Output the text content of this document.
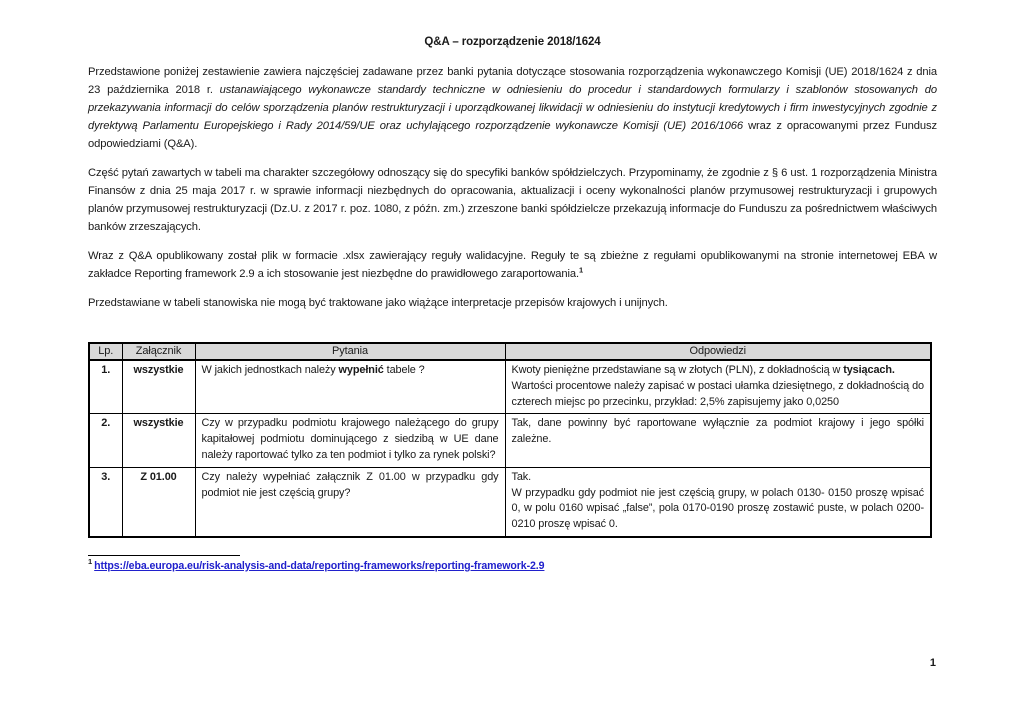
Q&A – rozporządzenie 2018/1624

Przedstawione poniżej zestawienie zawiera najczęściej zadawane przez banki pytania dotyczące stosowania rozporządzenia wykonawczego Komisji (UE) 2018/1624 z dnia 23 października 2018 r. ustanawiającego wykonawcze standardy techniczne w odniesieniu do procedur i standardowych formularzy i szablonów stosowanych do przekazywania informacji do celów sporządzenia planów restrukturyzacji i uporządkowanej likwidacji w odniesieniu do instytucji kredytowych i firm inwestycyjnych zgodnie z dyrektywą Parlamentu Europejskiego i Rady 2014/59/UE oraz uchylającego rozporządzenie wykonawcze Komisji (UE) 2016/1066 wraz z opracowanymi przez Fundusz odpowiedziami (Q&A).

Część pytań zawartych w tabeli ma charakter szczegółowy odnoszący się do specyfiki banków spółdzielczych. Przypominamy, że zgodnie z § 6 ust. 1 rozporządzenia Ministra Finansów z dnia 25 maja 2017 r. w sprawie informacji niezbędnych do opracowania, aktualizacji i oceny wykonalności planów przymusowej restrukturyzacji i grupowych planów przymusowej restrukturyzacji (Dz.U. z 2017 r. poz. 1080, z późn. zm.) zrzeszone banki spółdzielcze przekazują informacje do Funduszu za pośrednictwem właściwych banków zrzeszających.

Wraz z Q&A opublikowany został plik w formacie .xlsx zawierający reguły walidacyjne. Reguły te są zbieżne z regułami opublikowanymi na stronie internetowej EBA w zakładce Reporting framework 2.9 a ich stosowanie jest niezbędne do prawidłowego zaraportowania.$^1$

Przedstawiane w tabeli stanowiska nie mogą być traktowane jako wiążące interpretacje przepisów krajowych i unijnych.

Lp.	Załącznik	Pytania	Odpowiedzi
1.	wszystkie	W jakich jednostkach należy wypełnić tabele ?	Kwoty pieniężne przedstawiane są w złotych (PLN), z dokładnością w tysiącach.
Wartości procentowe należy zapisać w postaci ułamka dziesiętnego, z dokładnością do czterech miejsc po przecinku, przykład: 2,5% zapisujemy jako 0,0250

2.	wszystkie	Czy w przypadku podmiotu krajowego należącego do grupy kapitałowej podmiotu dominującego z siedzibą w UE dane należy raportować tylko za ten podmiot i tylko za rynek polski?	Tak, dane powinny być raportowane wyłącznie za podmiot krajowy i jego spółki zależne.
3.	Z 01.00	Czy należy wypełniać załącznik Z 01.00 w przypadku gdy podmiot nie jest częścią grupy?	Tak.
W przypadku gdy podmiot nie jest częścią grupy, w polach 0130- 0150 proszę wpisać 0, w polu 0160 wpisać „false”, pola 0170-0190 proszę zostawić puste, w polach 0200-0210 proszę wpisać 0.
$^1$ https://eba.europa.eu/risk-analysis-and-data/reporting-frameworks/reporting-framework-2.9
1
